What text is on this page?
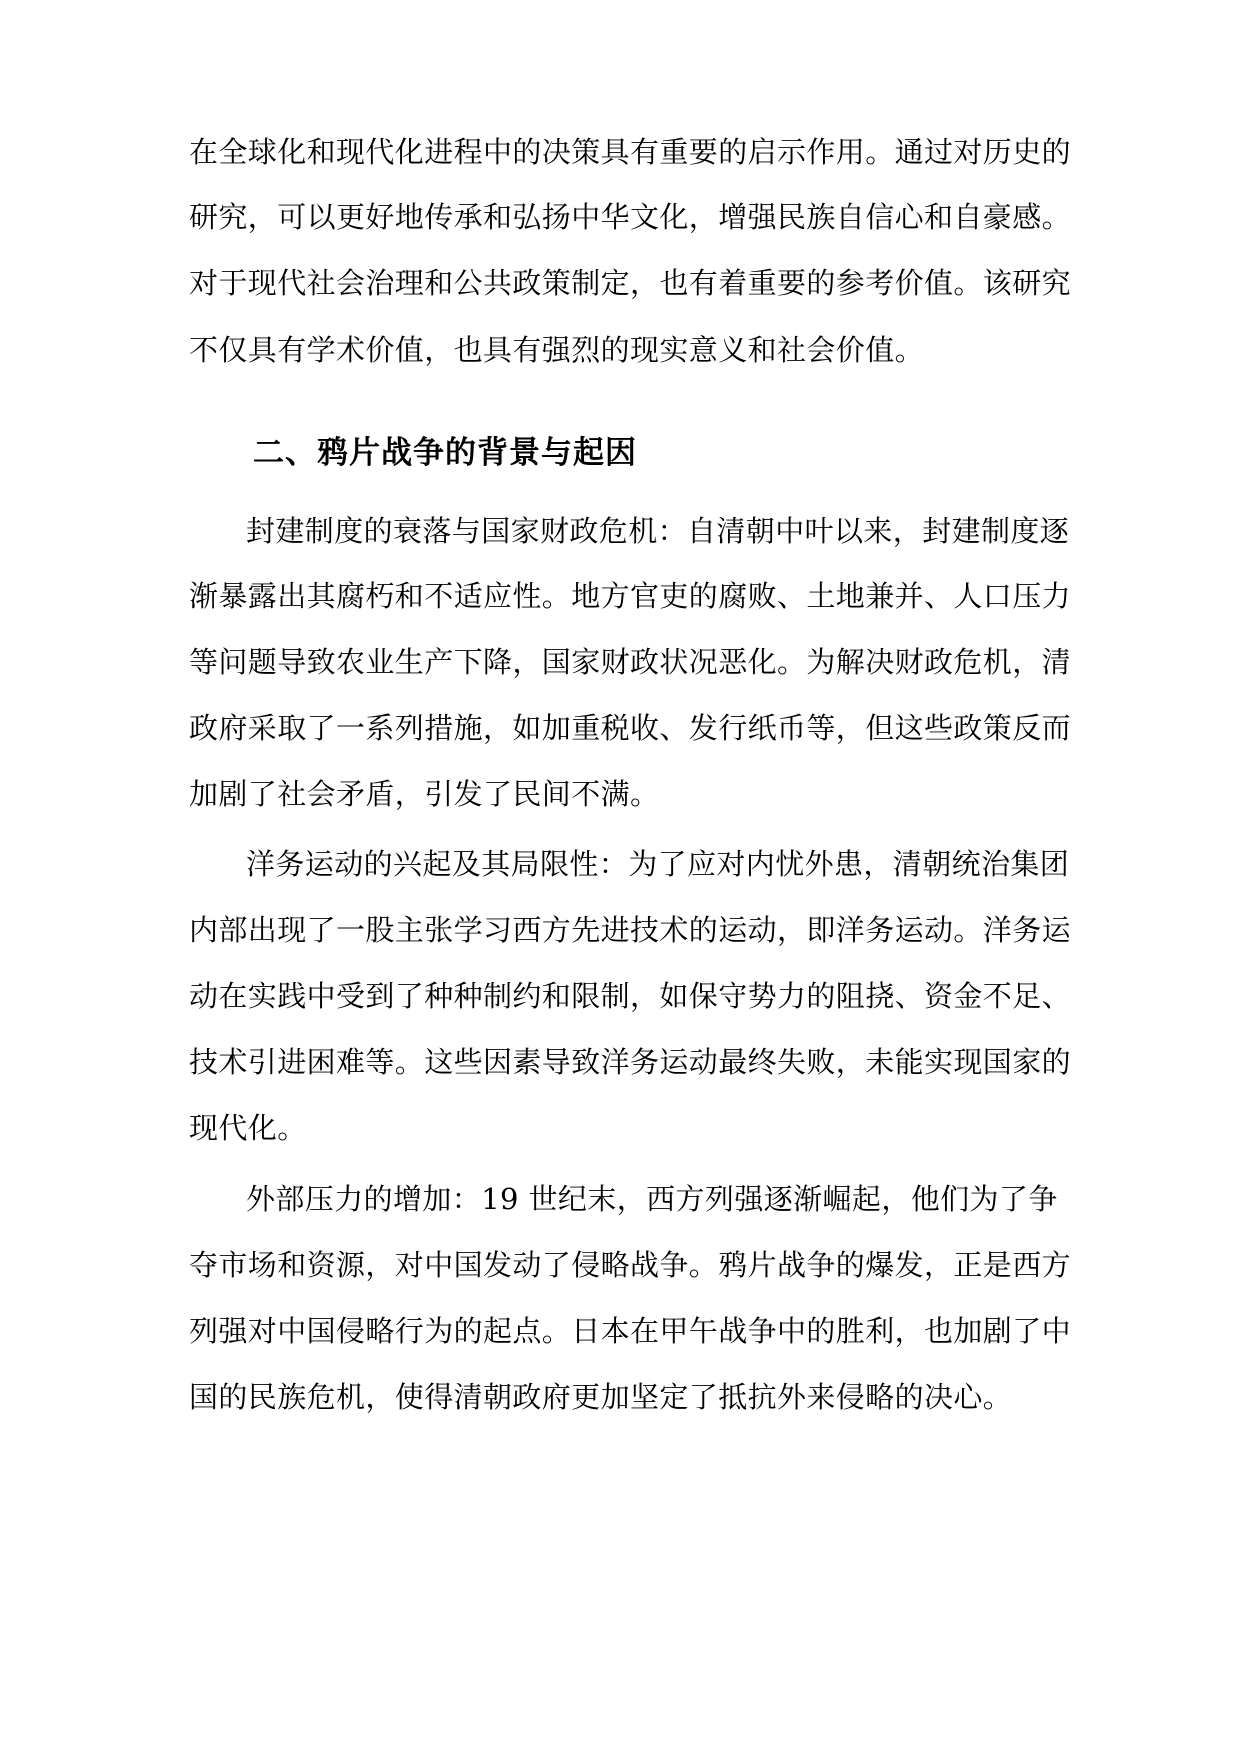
在全球化和现代化进程中的决策具有重要的启示作用。通过对历史的
研究，可以更好地传承和弘扬中华文化，增强民族自信心和自豪感。
对于现代社会治理和公共政策制定，也有着重要的参考价值。该研究
不仅具有学术价值，也具有强烈的现实意义和社会价值。
二、鸦片战争的背景与起因
封建制度的衰落与国家财政危机：自清朝中叶以来，封建制度逐
渐暴露出其腐朽和不适应性。地方官吏的腐败、土地兼并、人口压力
等问题导致农业生产下降，国家财政状况恶化。为解决财政危机，清
政府采取了一系列措施，如加重税收、发行纸币等，但这些政策反而
加剧了社会矛盾，引发了民间不满。
洋务运动的兴起及其局限性：为了应对内忧外患，清朝统治集团
内部出现了一股主张学习西方先进技术的运动，即洋务运动。洋务运
动在实践中受到了种种制约和限制，如保守势力的阻挠、资金不足、
技术引进困难等。这些因素导致洋务运动最终失败，未能实现国家的
现代化。
外部压力的增加：19 世纪末，西方列强逐渐崛起，他们为了争
夺市场和资源，对中国发动了侵略战争。鸦片战争的爆发，正是西方
列强对中国侵略行为的起点。日本在甲午战争中的胜利，也加剧了中
国的民族危机，使得清朝政府更加坚定了抵抗外来侵略的决心。
